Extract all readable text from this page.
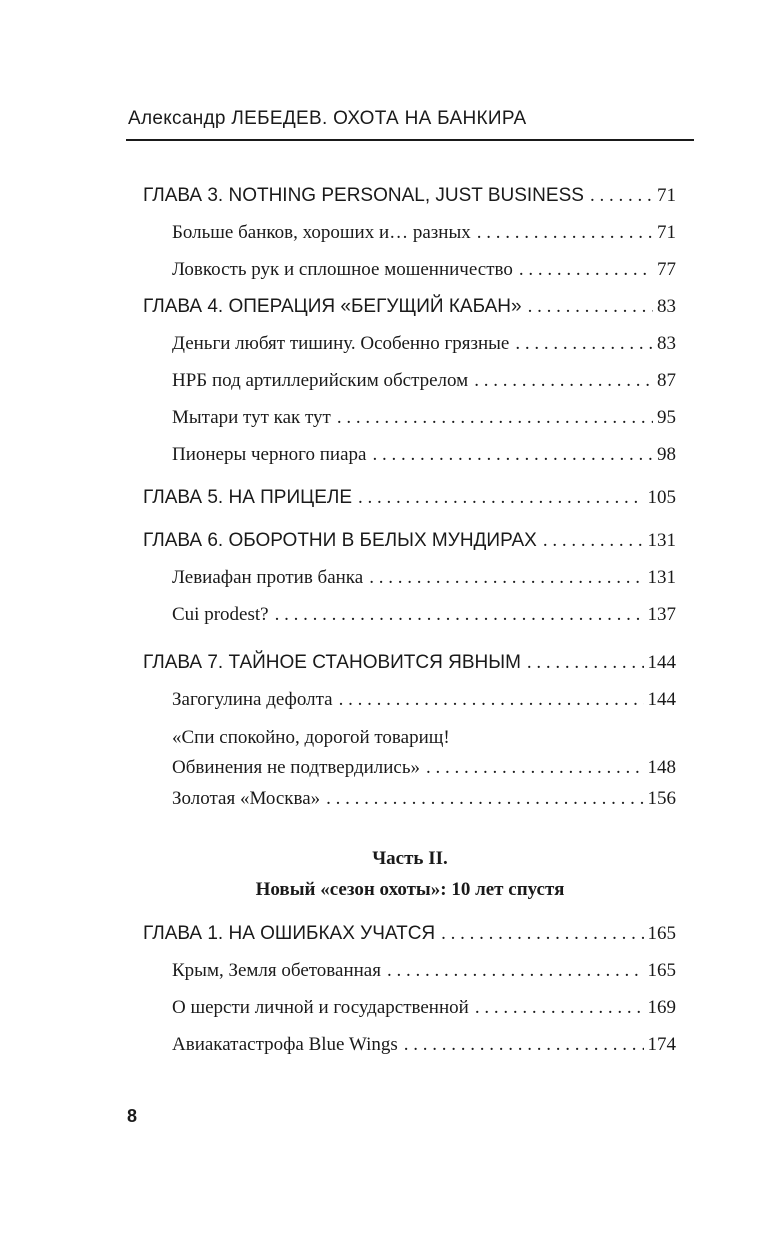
Александр ЛЕБЕДЕВ. ОХОТА НА БАНКИРА
ГЛАВА 3. NOTHING PERSONAL, JUST BUSINESS . . .	71
Больше банков, хороших и… разных . . .	71
Ловкость рук и сплошное мошенничество . . .	77
ГЛАВА 4. ОПЕРАЦИЯ «БЕГУЩИЙ КАБАН» . . .	83
Деньги любят тишину. Особенно грязные . . .	83
НРБ под артиллерийским обстрелом . . .	87
Мытари тут как тут . . .	95
Пионеры черного пиара . . .	98
ГЛАВА 5. НА ПРИЦЕЛЕ . . .	105
ГЛАВА 6. ОБОРОТНИ В БЕЛЫХ МУНДИРАХ . . .	131
Левиафан против банка . . .	131
Cui prodest? . . .	137
ГЛАВА 7. ТАЙНОЕ СТАНОВИТСЯ ЯВНЫМ . . .	144
Загогулина дефолта . . .	144
«Спи спокойно, дорогой товарищ!
Обвинения не подтвердились» . . .	148
Золотая «Москва» . . .	156
Часть II.
Новый «сезон охоты»: 10 лет спустя
ГЛАВА 1. НА ОШИБКАХ УЧАТСЯ . . .	165
Крым, Земля обетованная . . .	165
О шерсти личной и государственной . . .	169
Авиакатастрофа Blue Wings . . .	174
8
